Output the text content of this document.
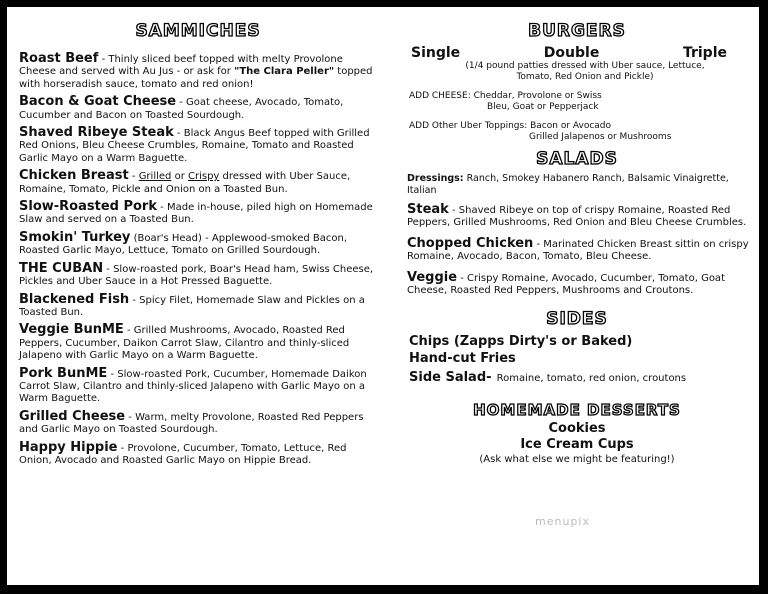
SAMMICHES
Roast Beef - Thinly sliced beef topped with melty Provolone Cheese and served with Au Jus - or ask for "The Clara Peller" topped with horseradish sauce, tomato and red onion!
Bacon & Goat Cheese - Goat cheese, Avocado, Tomato, Cucumber and Bacon on Toasted Sourdough.
Shaved Ribeye Steak - Black Angus Beef topped with Grilled Red Onions, Bleu Cheese Crumbles, Romaine, Tomato and Roasted Garlic Mayo on a Warm Baguette.
Chicken Breast - Grilled or Crispy dressed with Uber Sauce, Romaine, Tomato, Pickle and Onion on a Toasted Bun.
Slow-Roasted Pork - Made in-house, piled high on Homemade Slaw and served on a Toasted Bun.
Smokin' Turkey (Boar's Head) - Applewood-smoked Bacon, Roasted Garlic Mayo, Lettuce, Tomato on Grilled Sourdough.
THE CUBAN - Slow-roasted pork, Boar's Head ham, Swiss Cheese, Pickles and Uber Sauce in a Hot Pressed Baguette.
Blackened Fish - Spicy Filet, Homemade Slaw and Pickles on a Toasted Bun.
Veggie BunME - Grilled Mushrooms, Avocado, Roasted Red Peppers, Cucumber, Daikon Carrot Slaw, Cilantro and thinly-sliced Jalapeno with Garlic Mayo on a Warm Baguette.
Pork BunME - Slow-roasted Pork, Cucumber, Homemade Daikon Carrot Slaw, Cilantro and thinly-sliced Jalapeno with Garlic Mayo on a Warm Baguette.
Grilled Cheese - Warm, melty Provolone, Roasted Red Peppers and Garlic Mayo on Toasted Sourdough.
Happy Hippie - Provolone, Cucumber, Tomato, Lettuce, Red Onion, Avocado and Roasted Garlic Mayo on Hippie Bread.
BURGERS
Single	Double	Triple
(1/4 pound patties dressed with Uber sauce, Lettuce, Tomato, Red Onion and Pickle)
ADD CHEESE: Cheddar, Provolone or Swiss
Bleu, Goat or Pepperjack
ADD Other Uber Toppings: Bacon or Avocado
Grilled Jalapenos or Mushrooms
SALADS
Dressings: Ranch, Smokey Habanero Ranch, Balsamic Vinaigrette, Italian
Steak - Shaved Ribeye on top of crispy Romaine, Roasted Red Peppers, Grilled Mushrooms, Red Onion and Bleu Cheese Crumbles.
Chopped Chicken - Marinated Chicken Breast sittin on crispy Romaine, Avocado, Bacon, Tomato, Bleu Cheese.
Veggie - Crispy Romaine, Avocado, Cucumber, Tomato, Goat Cheese, Roasted Red Peppers, Mushrooms and Croutons.
SIDES
Chips (Zapps Dirty's or Baked)
Hand-cut Fries
Side Salad- Romaine, tomato, red onion, croutons
HOMEMADE DESSERTS
Cookies
Ice Cream Cups
(Ask what else we might be featuring!)
menupix
